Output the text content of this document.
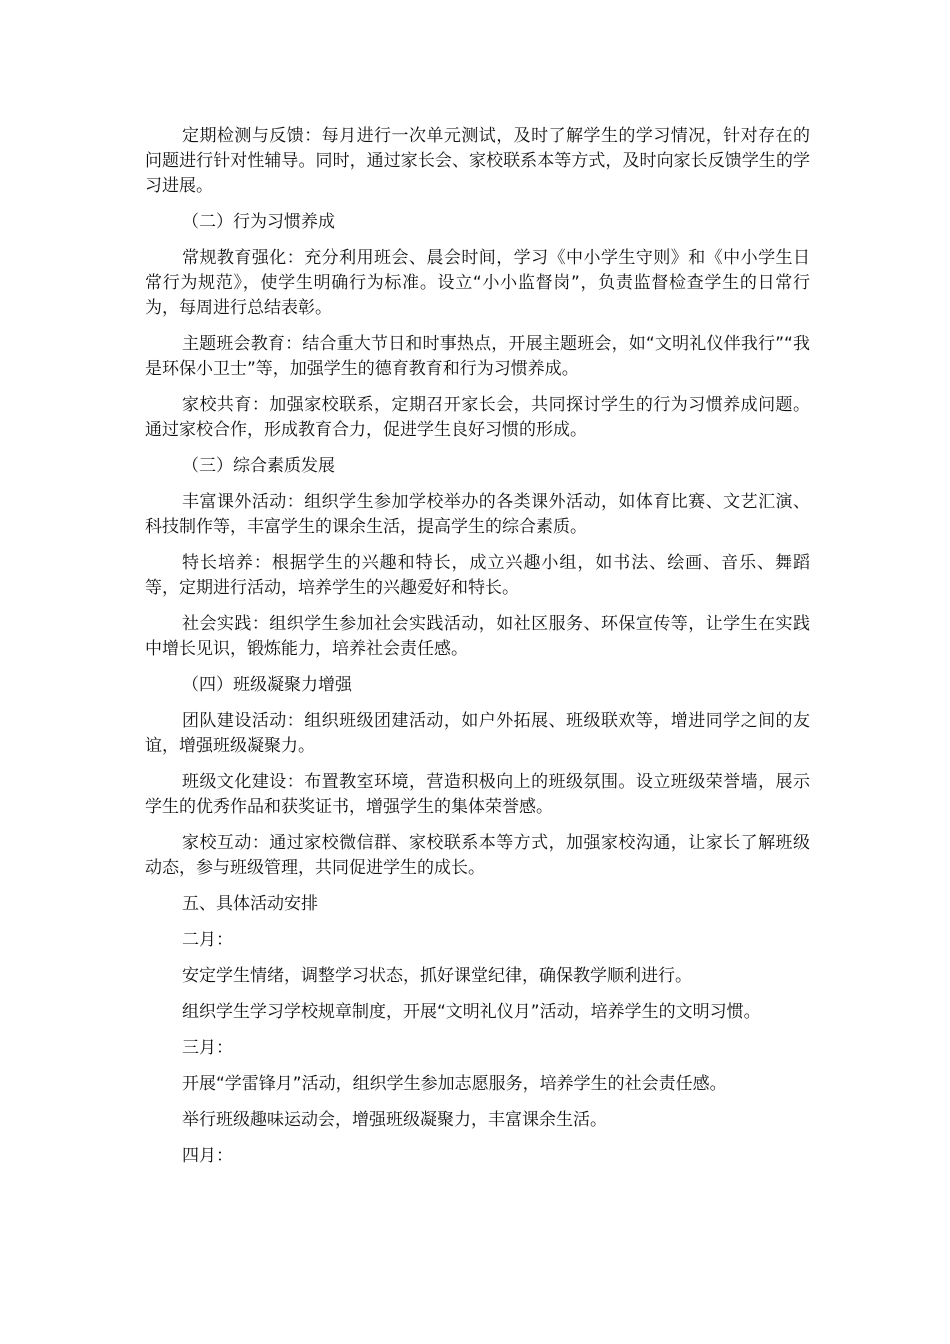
定期检测与反馈：每月进行一次单元测试，及时了解学生的学习情况，针对存在的问题进行针对性辅导。同时，通过家长会、家校联系本等方式，及时向家长反馈学生的学习进展。

（二）行为习惯养成

常规教育强化：充分利用班会、晨会时间，学习《中小学生守则》和《中小学生日常行为规范》，使学生明确行为标准。设立“小小监督岗”，负责监督检查学生的日常行为，每周进行总结表彰。

主题班会教育：结合重大节日和时事热点，开展主题班会，如“文明礼仪伴我行”“我是环保小卫士”等，加强学生的德育教育和行为习惯养成。

家校共育：加强家校联系，定期召开家长会，共同探讨学生的行为习惯养成问题。通过家校合作，形成教育合力，促进学生良好习惯的形成。

（三）综合素质发展

丰富课外活动：组织学生参加学校举办的各类课外活动，如体育比赛、文艺汇演、科技制作等，丰富学生的课余生活，提高学生的综合素质。

特长培养：根据学生的兴趣和特长，成立兴趣小组，如书法、绘画、音乐、舞蹈等，定期进行活动，培养学生的兴趣爱好和特长。

社会实践：组织学生参加社会实践活动，如社区服务、环保宣传等，让学生在实践中增长见识，锻炼能力，培养社会责任感。

（四）班级凝聚力增强

团队建设活动：组织班级团建活动，如户外拓展、班级联欢等，增进同学之间的友谊，增强班级凝聚力。

班级文化建设：布置教室环境，营造积极向上的班级氛围。设立班级荣誉墙，展示学生的优秀作品和获奖证书，增强学生的集体荣誉感。

家校互动：通过家校微信群、家校联系本等方式，加强家校沟通，让家长了解班级动态，参与班级管理，共同促进学生的成长。

五、具体活动安排

二月：

安定学生情绪，调整学习状态，抓好课堂纪律，确保教学顺利进行。

组织学生学习学校规章制度，开展“文明礼仪月”活动，培养学生的文明习惯。

三月：

开展“学雷锋月”活动，组织学生参加志愿服务，培养学生的社会责任感。

举行班级趣味运动会，增强班级凝聚力，丰富课余生活。

四月：
